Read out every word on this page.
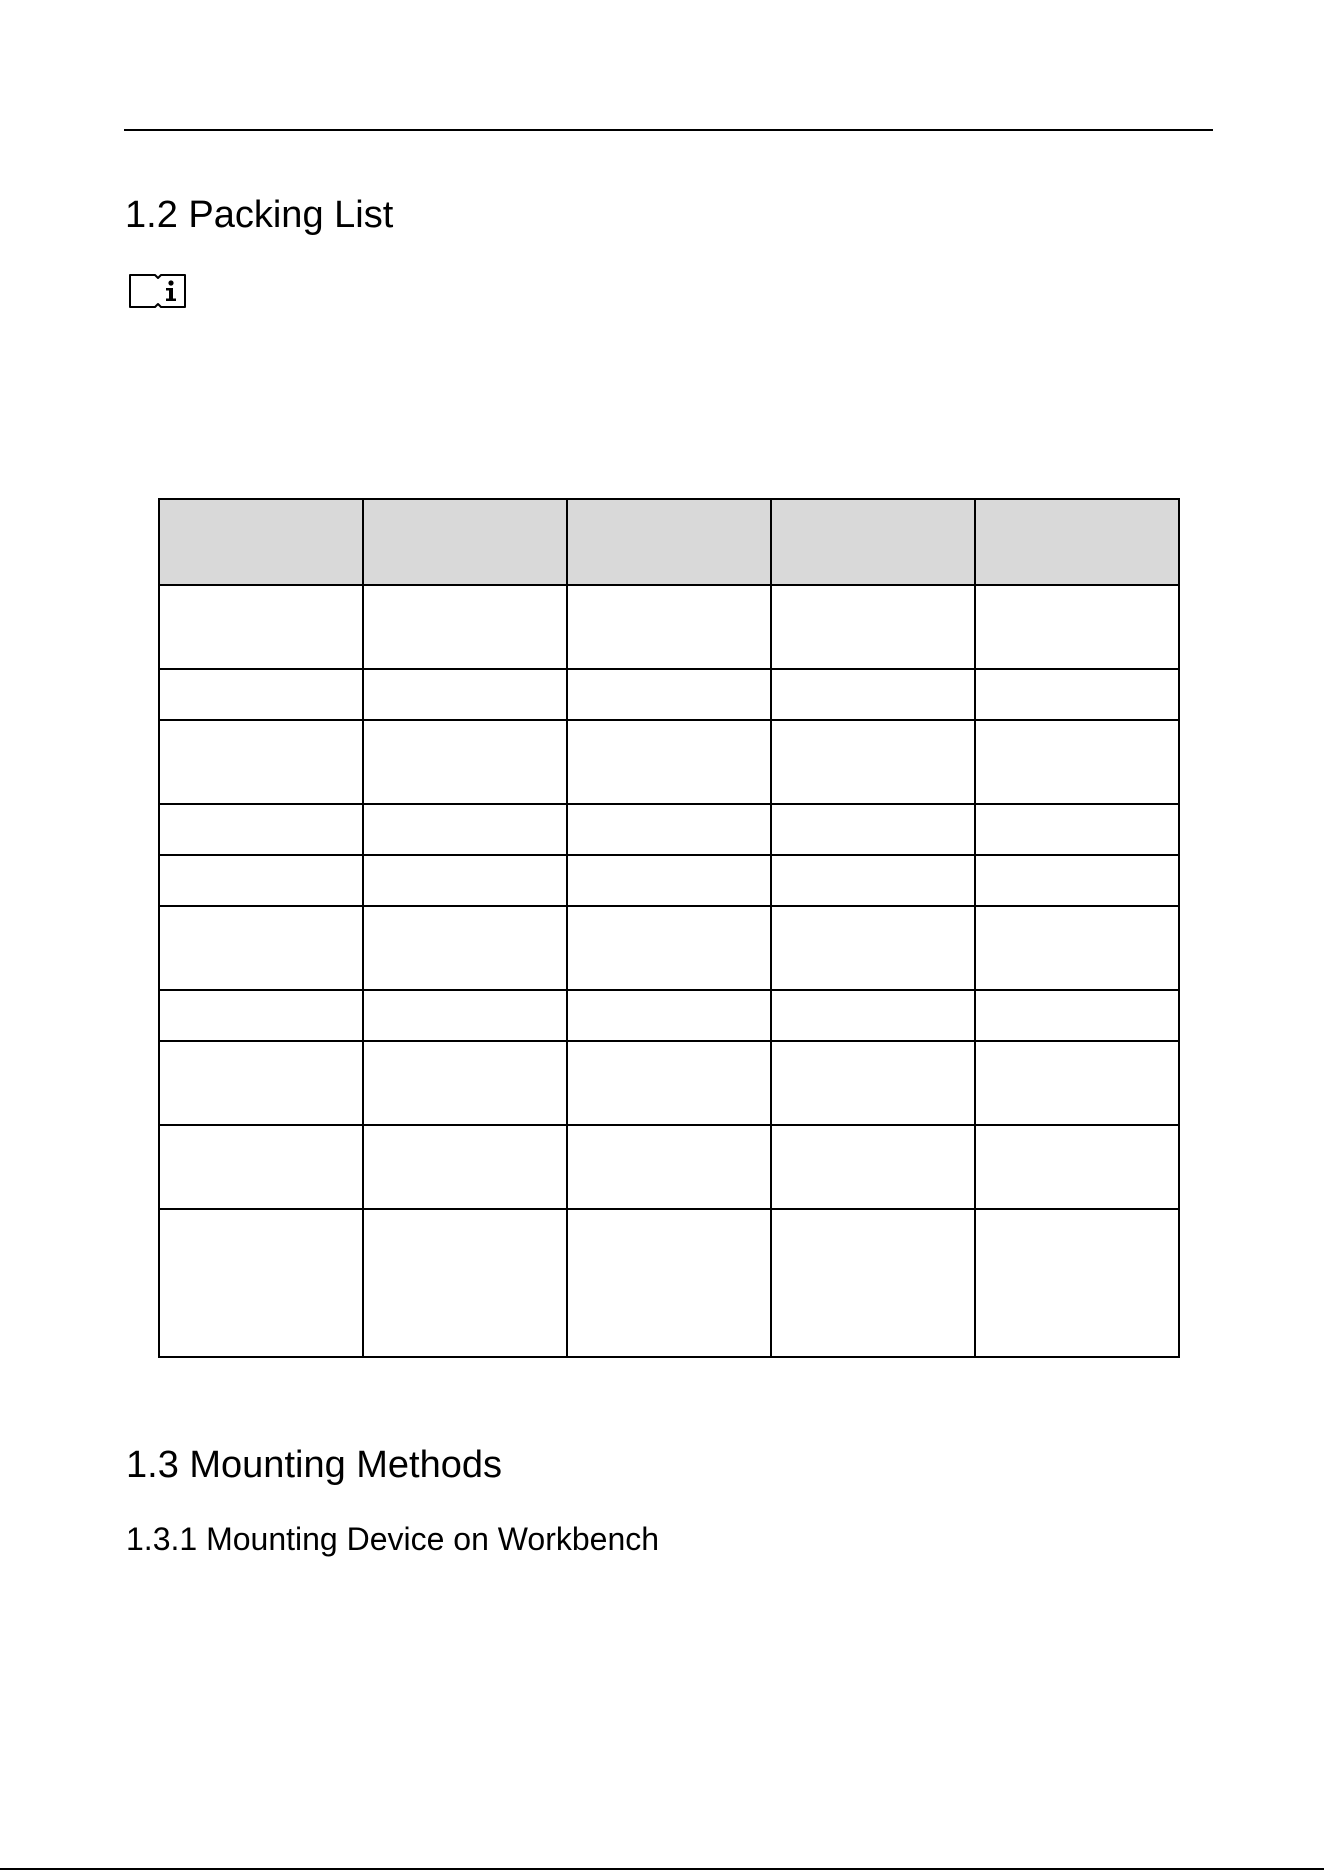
1.2 Packing List

1.3 Mounting Methods
1.3.1 Mounting Device on Workbench
